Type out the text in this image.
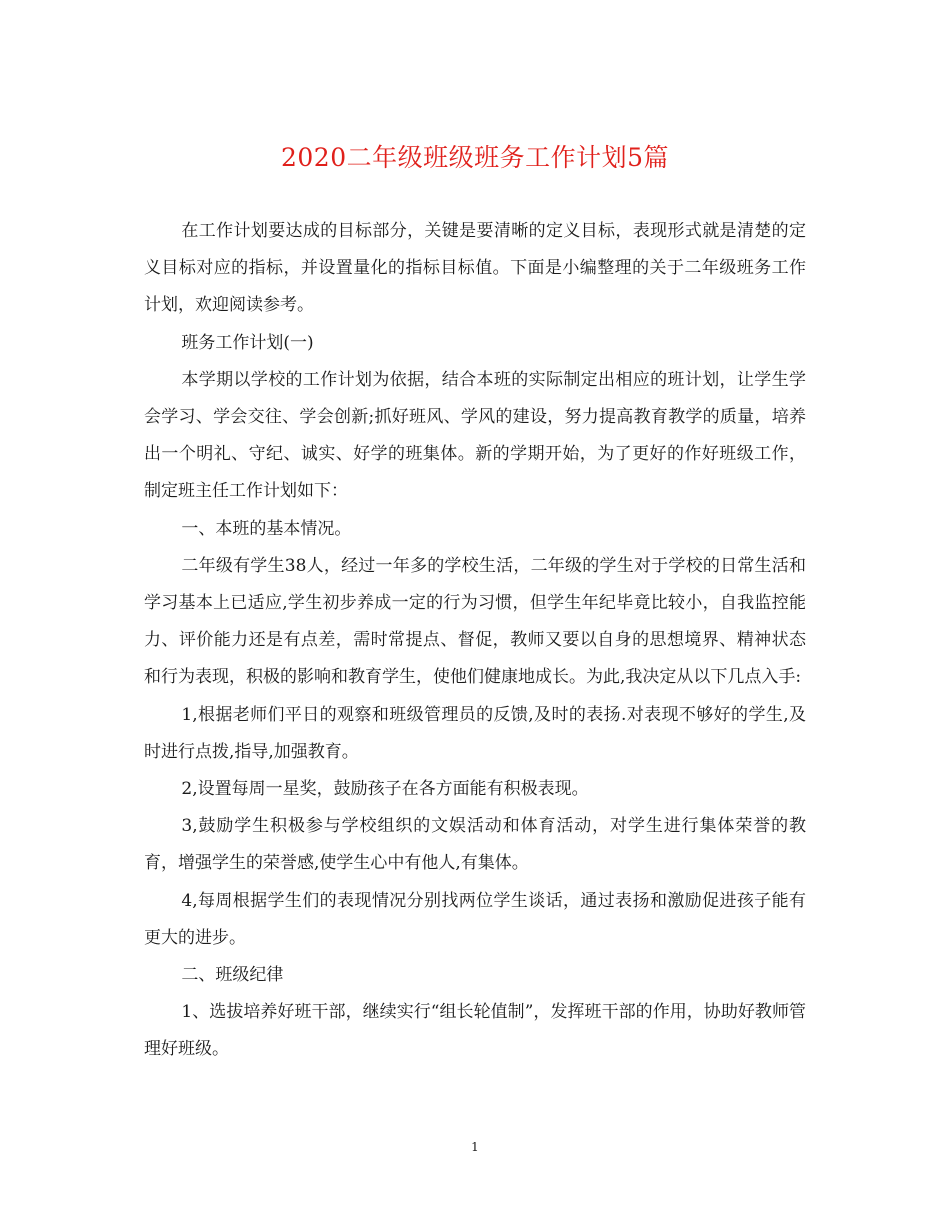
2020二年级班级班务工作计划5篇

在工作计划要达成的目标部分，关键是要清晰的定义目标，表现形式就是清楚的定义目标对应的指标，并设置量化的指标目标值。下面是小编整理的关于二年级班务工作计划，欢迎阅读参考。

班务工作计划(一)

本学期以学校的工作计划为依据，结合本班的实际制定出相应的班计划，让学生学会学习、学会交往、学会创新;抓好班风、学风的建设，努力提高教育教学的质量，培养出一个明礼、守纪、诚实、好学的班集体。新的学期开始，为了更好的作好班级工作，制定班主任工作计划如下：

一、本班的基本情况。

二年级有学生38人，经过一年多的学校生活，二年级的学生对于学校的日常生活和学习基本上已适应,学生初步养成一定的行为习惯，但学生年纪毕竟比较小，自我监控能力、评价能力还是有点差，需时常提点、督促，教师又要以自身的思想境界、精神状态和行为表现，积极的影响和教育学生，使他们健康地成长。为此,我决定从以下几点入手:

1,根据老师们平日的观察和班级管理员的反馈,及时的表扬.对表现不够好的学生,及时进行点拨,指导,加强教育。

2,设置每周一星奖，鼓励孩子在各方面能有积极表现。

3,鼓励学生积极参与学校组织的文娱活动和体育活动，对学生进行集体荣誉的教育，增强学生的荣誉感,使学生心中有他人,有集体。

4,每周根据学生们的表现情况分别找两位学生谈话，通过表扬和激励促进孩子能有更大的进步。

二、班级纪律

1、选拔培养好班干部，继续实行“组长轮值制”，发挥班干部的作用，协助好教师管理好班级。

1
